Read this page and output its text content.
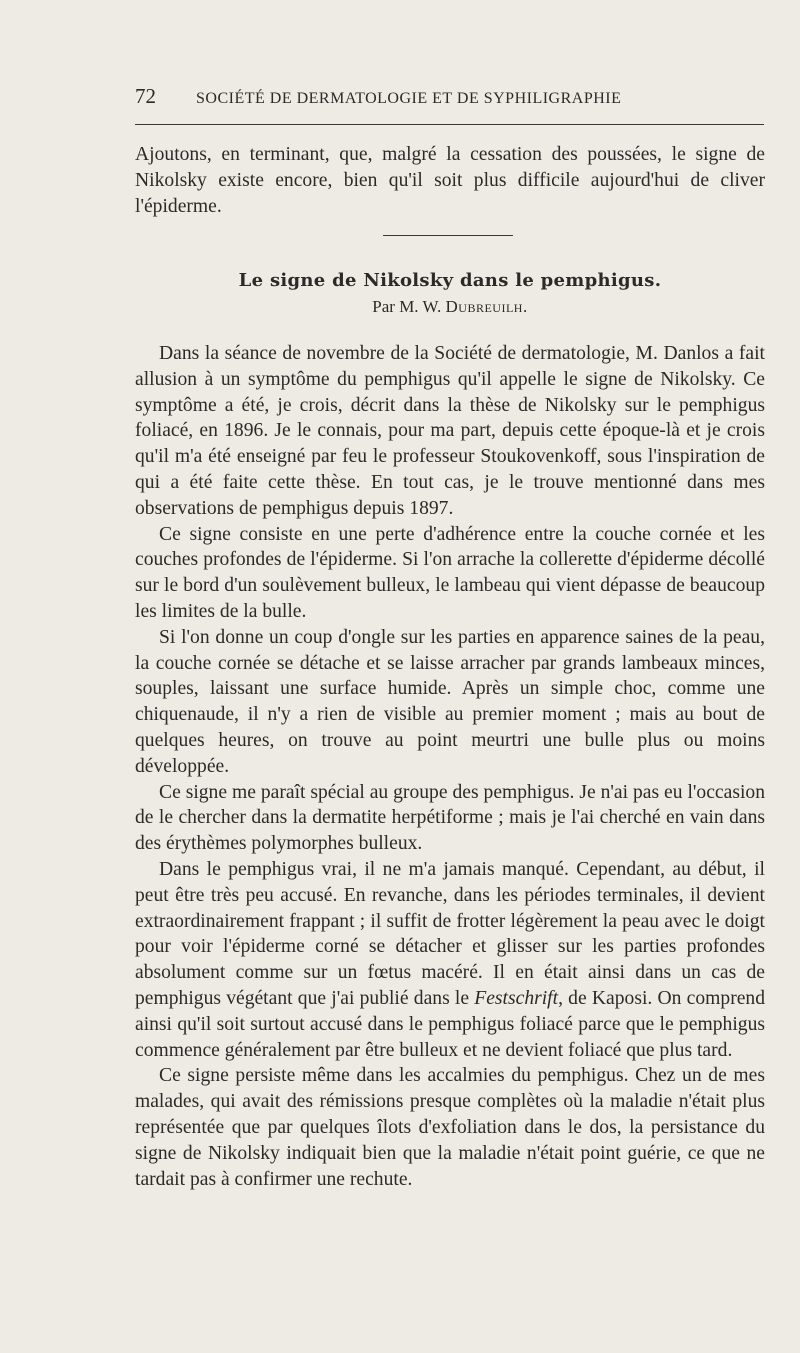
72	SOCIÉTÉ DE DERMATOLOGIE ET DE SYPHILIGRAPHIE

Ajoutons, en terminant, que, malgré la cessation des poussées, le signe de Nikolsky existe encore, bien qu'il soit plus difficile aujourd'hui de cliver l'épiderme.

Le signe de Nikolsky dans le pemphigus.
Par M. W. Dubreuilh.

Dans la séance de novembre de la Société de dermatologie, M. Danlos a fait allusion à un symptôme du pemphigus qu'il appelle le signe de Nikolsky. Ce symptôme a été, je crois, décrit dans la thèse de Nikolsky sur le pemphigus foliacé, en 1896. Je le connais, pour ma part, depuis cette époque-là et je crois qu'il m'a été enseigné par feu le professeur Stoukovenkoff, sous l'inspiration de qui a été faite cette thèse. En tout cas, je le trouve mentionné dans mes observations de pemphigus depuis 1897.

Ce signe consiste en une perte d'adhérence entre la couche cornée et les couches profondes de l'épiderme. Si l'on arrache la collerette d'épiderme décollé sur le bord d'un soulèvement bulleux, le lambeau qui vient dépasse de beaucoup les limites de la bulle.

Si l'on donne un coup d'ongle sur les parties en apparence saines de la peau, la couche cornée se détache et se laisse arracher par grands lambeaux minces, souples, laissant une surface humide. Après un simple choc, comme une chiquenaude, il n'y a rien de visible au premier moment ; mais au bout de quelques heures, on trouve au point meurtri une bulle plus ou moins développée.

Ce signe me paraît spécial au groupe des pemphigus. Je n'ai pas eu l'occasion de le chercher dans la dermatite herpétiforme ; mais je l'ai cherché en vain dans des érythèmes polymorphes bulleux.

Dans le pemphigus vrai, il ne m'a jamais manqué. Cependant, au début, il peut être très peu accusé. En revanche, dans les périodes terminales, il devient extraordinairement frappant ; il suffit de frotter légèrement la peau avec le doigt pour voir l'épiderme corné se détacher et glisser sur les parties profondes absolument comme sur un fœtus macéré. Il en était ainsi dans un cas de pemphigus végétant que j'ai publié dans le Festschrift, de Kaposi. On comprend ainsi qu'il soit surtout accusé dans le pemphigus foliacé parce que le pemphigus commence généralement par être bulleux et ne devient foliacé que plus tard.

Ce signe persiste même dans les accalmies du pemphigus. Chez un de mes malades, qui avait des rémissions presque complètes où la maladie n'était plus représentée que par quelques îlots d'exfoliation dans le dos, la persistance du signe de Nikolsky indiquait bien que la maladie n'était point guérie, ce que ne tardait pas à confirmer une rechute.
